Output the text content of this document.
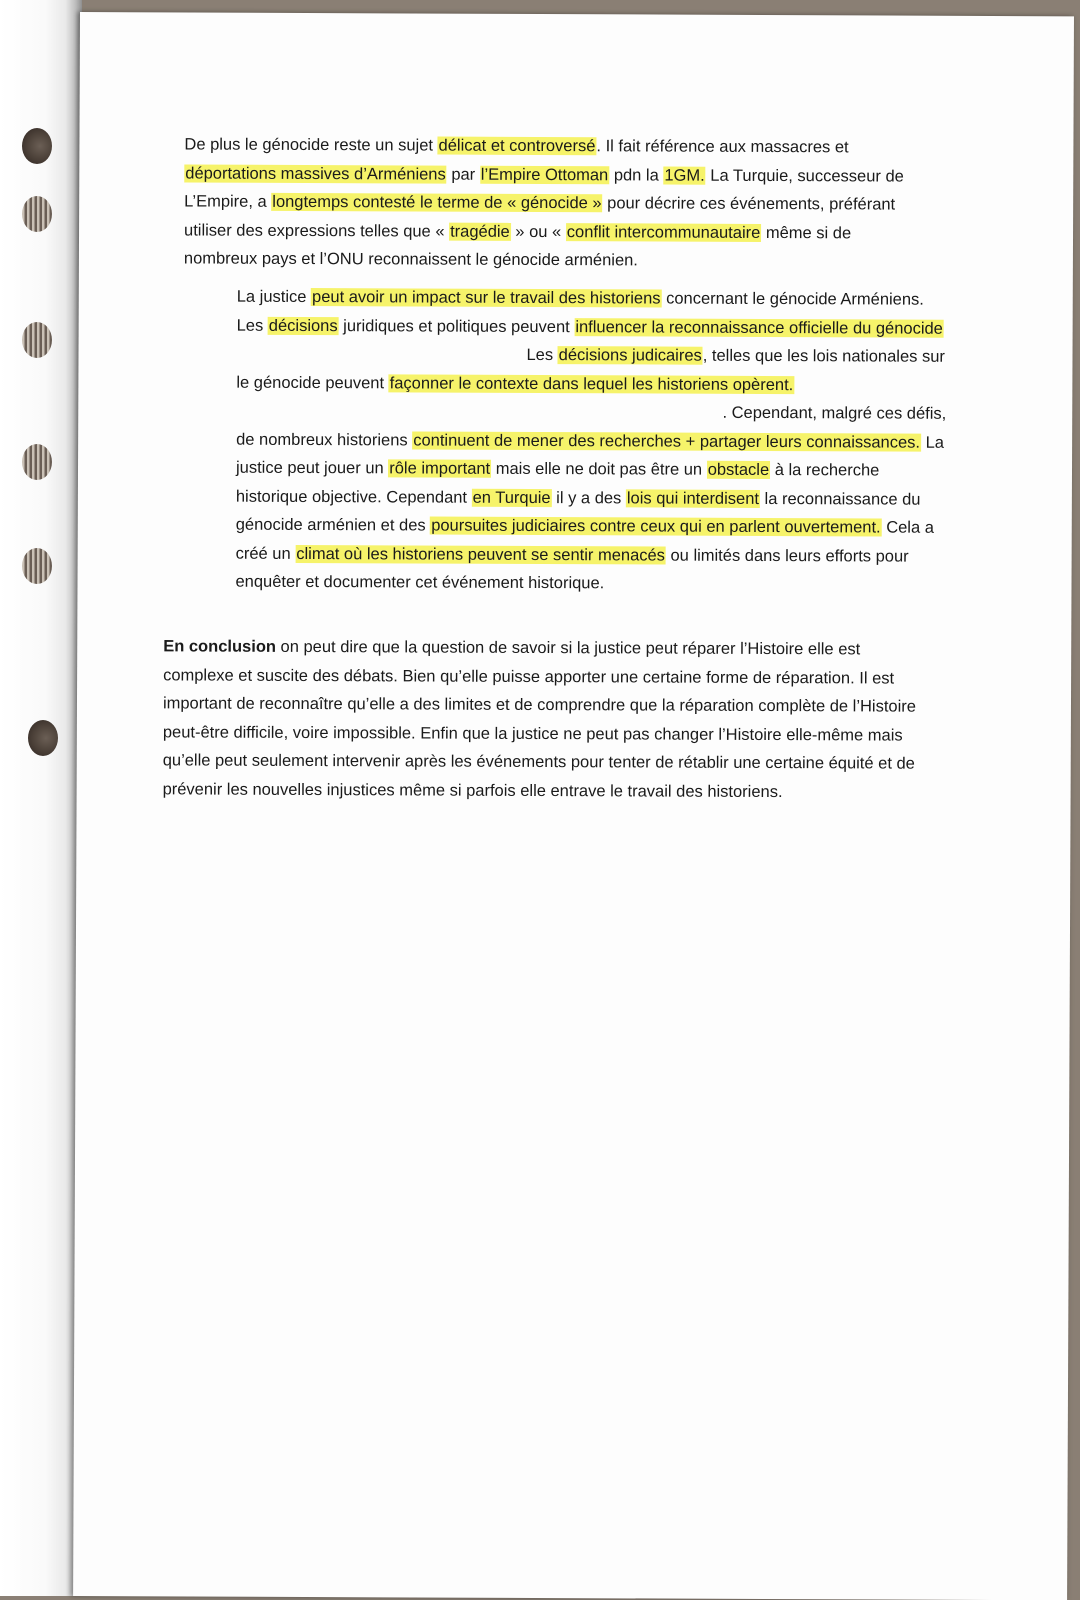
De plus le génocide reste un sujet délicat et controversé. Il fait référence aux massacres et déportations massives d’Arméniens par l’Empire Ottoman pdn la 1GM. La Turquie, successeur de L’Empire, a longtemps contesté le terme de « génocide » pour décrire ces événements, préférant utiliser des expressions telles que « tragédie » ou « conflit intercommunautaire même si de nombreux pays et l’ONU reconnaissent le génocide arménien.

La justice peut avoir un impact sur le travail des historiens concernant le génocide Arméniens. Les décisions juridiques et politiques peuvent influencer la reconnaissance officielle du génocideLes décisions judicaires, telles que les lois nationales sur le génocide peuvent façonner le contexte dans lequel les historiens opèrent.
. Cependant, malgré ces défis,
de nombreux historiens continuent de mener des recherches + partager leurs connaissances. La justice peut jouer un rôle important mais elle ne doit pas être un obstacle à la recherche historique objective. Cependant en Turquie il y a des lois qui interdisent la reconnaissance du génocide arménien et des poursuites judiciaires contre ceux qui en parlent ouvertement. Cela a créé un climat où les historiens peuvent se sentir menacés ou limités dans leurs efforts pour enquêter et documenter cet événement historique.

En conclusion on peut dire que la question de savoir si la justice peut réparer l’Histoire elle est complexe et suscite des débats. Bien qu’elle puisse apporter une certaine forme de réparation. Il est important de reconnaître qu’elle a des limites et de comprendre que la réparation complète de l’Histoire peut-être difficile, voire impossible. Enfin que la justice ne peut pas changer l’Histoire elle-même mais qu’elle peut seulement intervenir après les événements pour tenter de rétablir une certaine équité et de prévenir les nouvelles injustices même si parfois elle entrave le travail des historiens.
